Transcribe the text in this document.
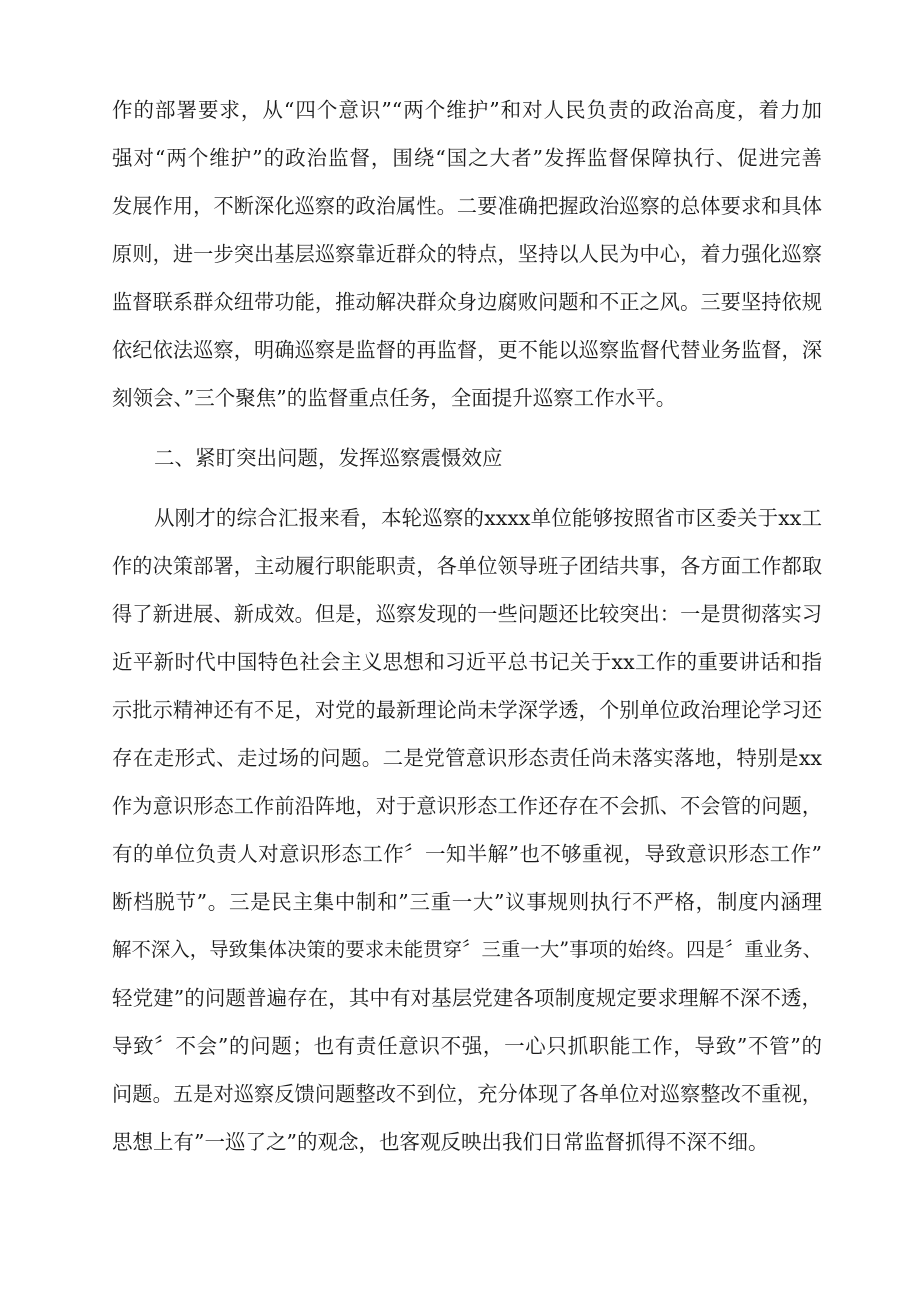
作的部署要求，从“四个意识”“两个维护”和对人民负责的政治高度，着力加
强对“两个维护”的政治监督，围绕“国之大者”发挥监督保障执行、促进完善
发展作用，不断深化巡察的政治属性。二要准确把握政治巡察的总体要求和具体
原则，进一步突出基层巡察靠近群众的特点，坚持以人民为中心，着力强化巡察
监督联系群众纽带功能，推动解决群众身边腐败问题和不正之风。三要坚持依规
依纪依法巡察，明确巡察是监督的再监督，更不能以巡察监督代替业务监督，深
刻领会、”三个聚焦”的监督重点任务，全面提升巡察工作水平。
二、紧盯突出问题，发挥巡察震慑效应
从刚才的综合汇报来看，本轮巡察的xxxx单位能够按照省市区委关于xx工
作的决策部署，主动履行职能职责，各单位领导班子团结共事，各方面工作都取
得了新进展、新成效。但是，巡察发现的一些问题还比较突出：一是贯彻落实习
近平新时代中国特色社会主义思想和习近平总书记关于xx工作的重要讲话和指
示批示精神还有不足，对党的最新理论尚未学深学透，个别单位政治理论学习还
存在走形式、走过场的问题。二是党管意识形态责任尚未落实落地，特别是xx
作为意识形态工作前沿阵地，对于意识形态工作还存在不会抓、不会管的问题，
有的单位负责人对意识形态工作〞一知半解”也不够重视，导致意识形态工作”
断档脱节”。三是民主集中制和”三重一大”议事规则执行不严格，制度内涵理
解不深入，导致集体决策的要求未能贯穿〞三重一大”事项的始终。四是〞重业务、
轻党建”的问题普遍存在，其中有对基层党建各项制度规定要求理解不深不透，
导致〞不会”的问题；也有责任意识不强，一心只抓职能工作，导致”不管”的
问题。五是对巡察反馈问题整改不到位，充分体现了各单位对巡察整改不重视，
思想上有”一巡了之”的观念，也客观反映出我们日常监督抓得不深不细。
